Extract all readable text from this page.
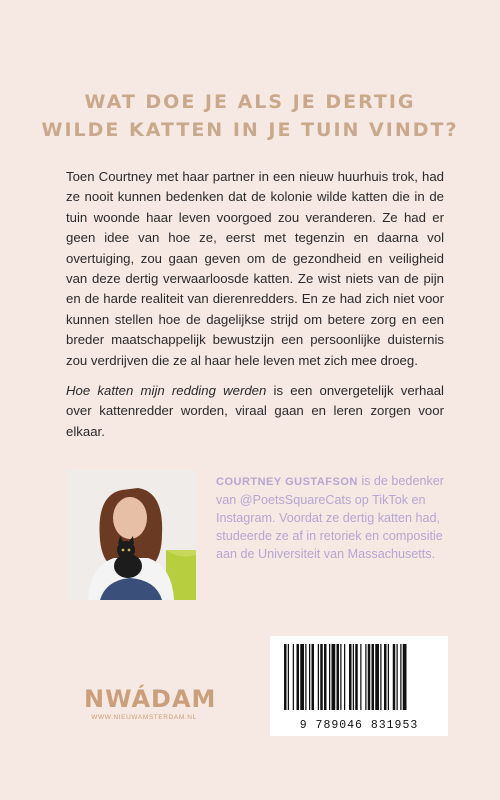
WAT DOE JE ALS JE DERTIG
WILDE KATTEN IN JE TUIN VINDT?

Toen Courtney met haar partner in een nieuw huurhuis trok, had ze nooit kunnen bedenken dat de kolonie wilde katten die in de tuin woonde haar leven voorgoed zou veranderen. Ze had er geen idee van hoe ze, eerst met tegenzin en daarna vol overtuiging, zou gaan geven om de gezondheid en veiligheid van deze dertig verwaarloosde katten. Ze wist niets van de pijn en de harde realiteit van dierenredders. En ze had zich niet voor kunnen stellen hoe de dagelijkse strijd om betere zorg en een breder maatschappelijk bewustzijn een persoonlijke duisternis zou verdrijven die ze al haar hele leven met zich mee droeg.

Hoe katten mijn redding werden is een onvergetelijk verhaal over kattenredder worden, viraal gaan en leren zorgen voor elkaar.

COURTNEY GUSTAFSON is de bedenker van @PoetsSquareCats op TikTok en Instagram. Voordat ze dertig katten had, studeerde ze af in retoriek en compositie aan de Universiteit van Massachusetts.
NWÁDAM
WWW.NIEUWAMSTERDAM.NL
9 789046 831953
